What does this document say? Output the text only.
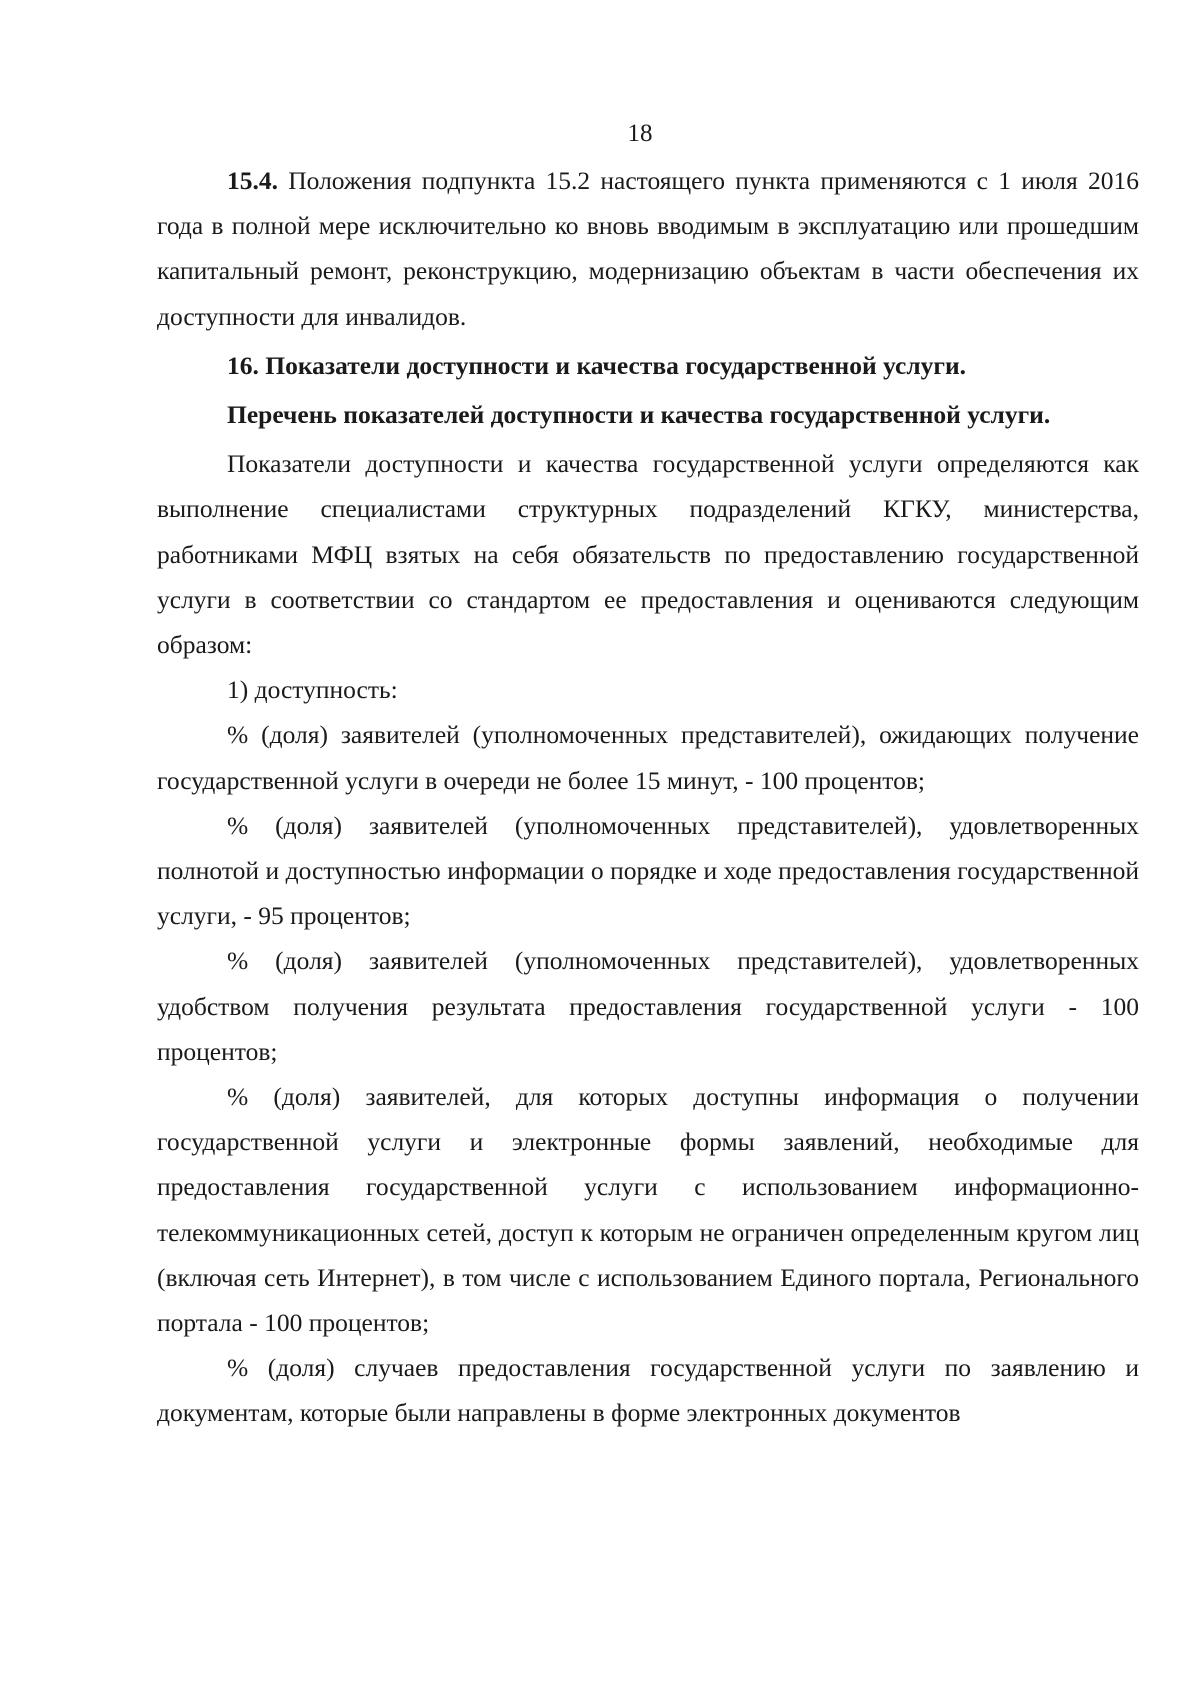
18

15.4. Положения подпункта 15.2 настоящего пункта применяются с 1 июля 2016 года в полной мере исключительно ко вновь вводимым в эксплуатацию или прошедшим капитальный ремонт, реконструкцию, модернизацию объектам в части обеспечения их доступности для инвалидов.

16. Показатели доступности и качества государственной услуги.

Перечень показателей доступности и качества государственной услуги.

Показатели доступности и качества государственной услуги определяются как выполнение специалистами структурных подразделений КГКУ, министерства, работниками МФЦ взятых на себя обязательств по предоставлению государственной услуги в соответствии со стандартом ее предоставления и оцениваются следующим образом:

1) доступность:

% (доля) заявителей (уполномоченных представителей), ожидающих получение государственной услуги в очереди не более 15 минут, - 100 процентов;

% (доля) заявителей (уполномоченных представителей), удовлетворенных полнотой и доступностью информации о порядке и ходе предоставления государственной услуги, - 95 процентов;

% (доля) заявителей (уполномоченных представителей), удовлетворенных удобством получения результата предоставления государственной услуги - 100 процентов;

% (доля) заявителей, для которых доступны информация о получении государственной услуги и электронные формы заявлений, необходимые для предоставления государственной услуги с использованием информационно-телекоммуникационных сетей, доступ к которым не ограничен определенным кругом лиц (включая сеть Интернет), в том числе с использованием Единого портала, Регионального портала - 100 процентов;

% (доля) случаев предоставления государственной услуги по заявлению и документам, которые были направлены в форме электронных документов
